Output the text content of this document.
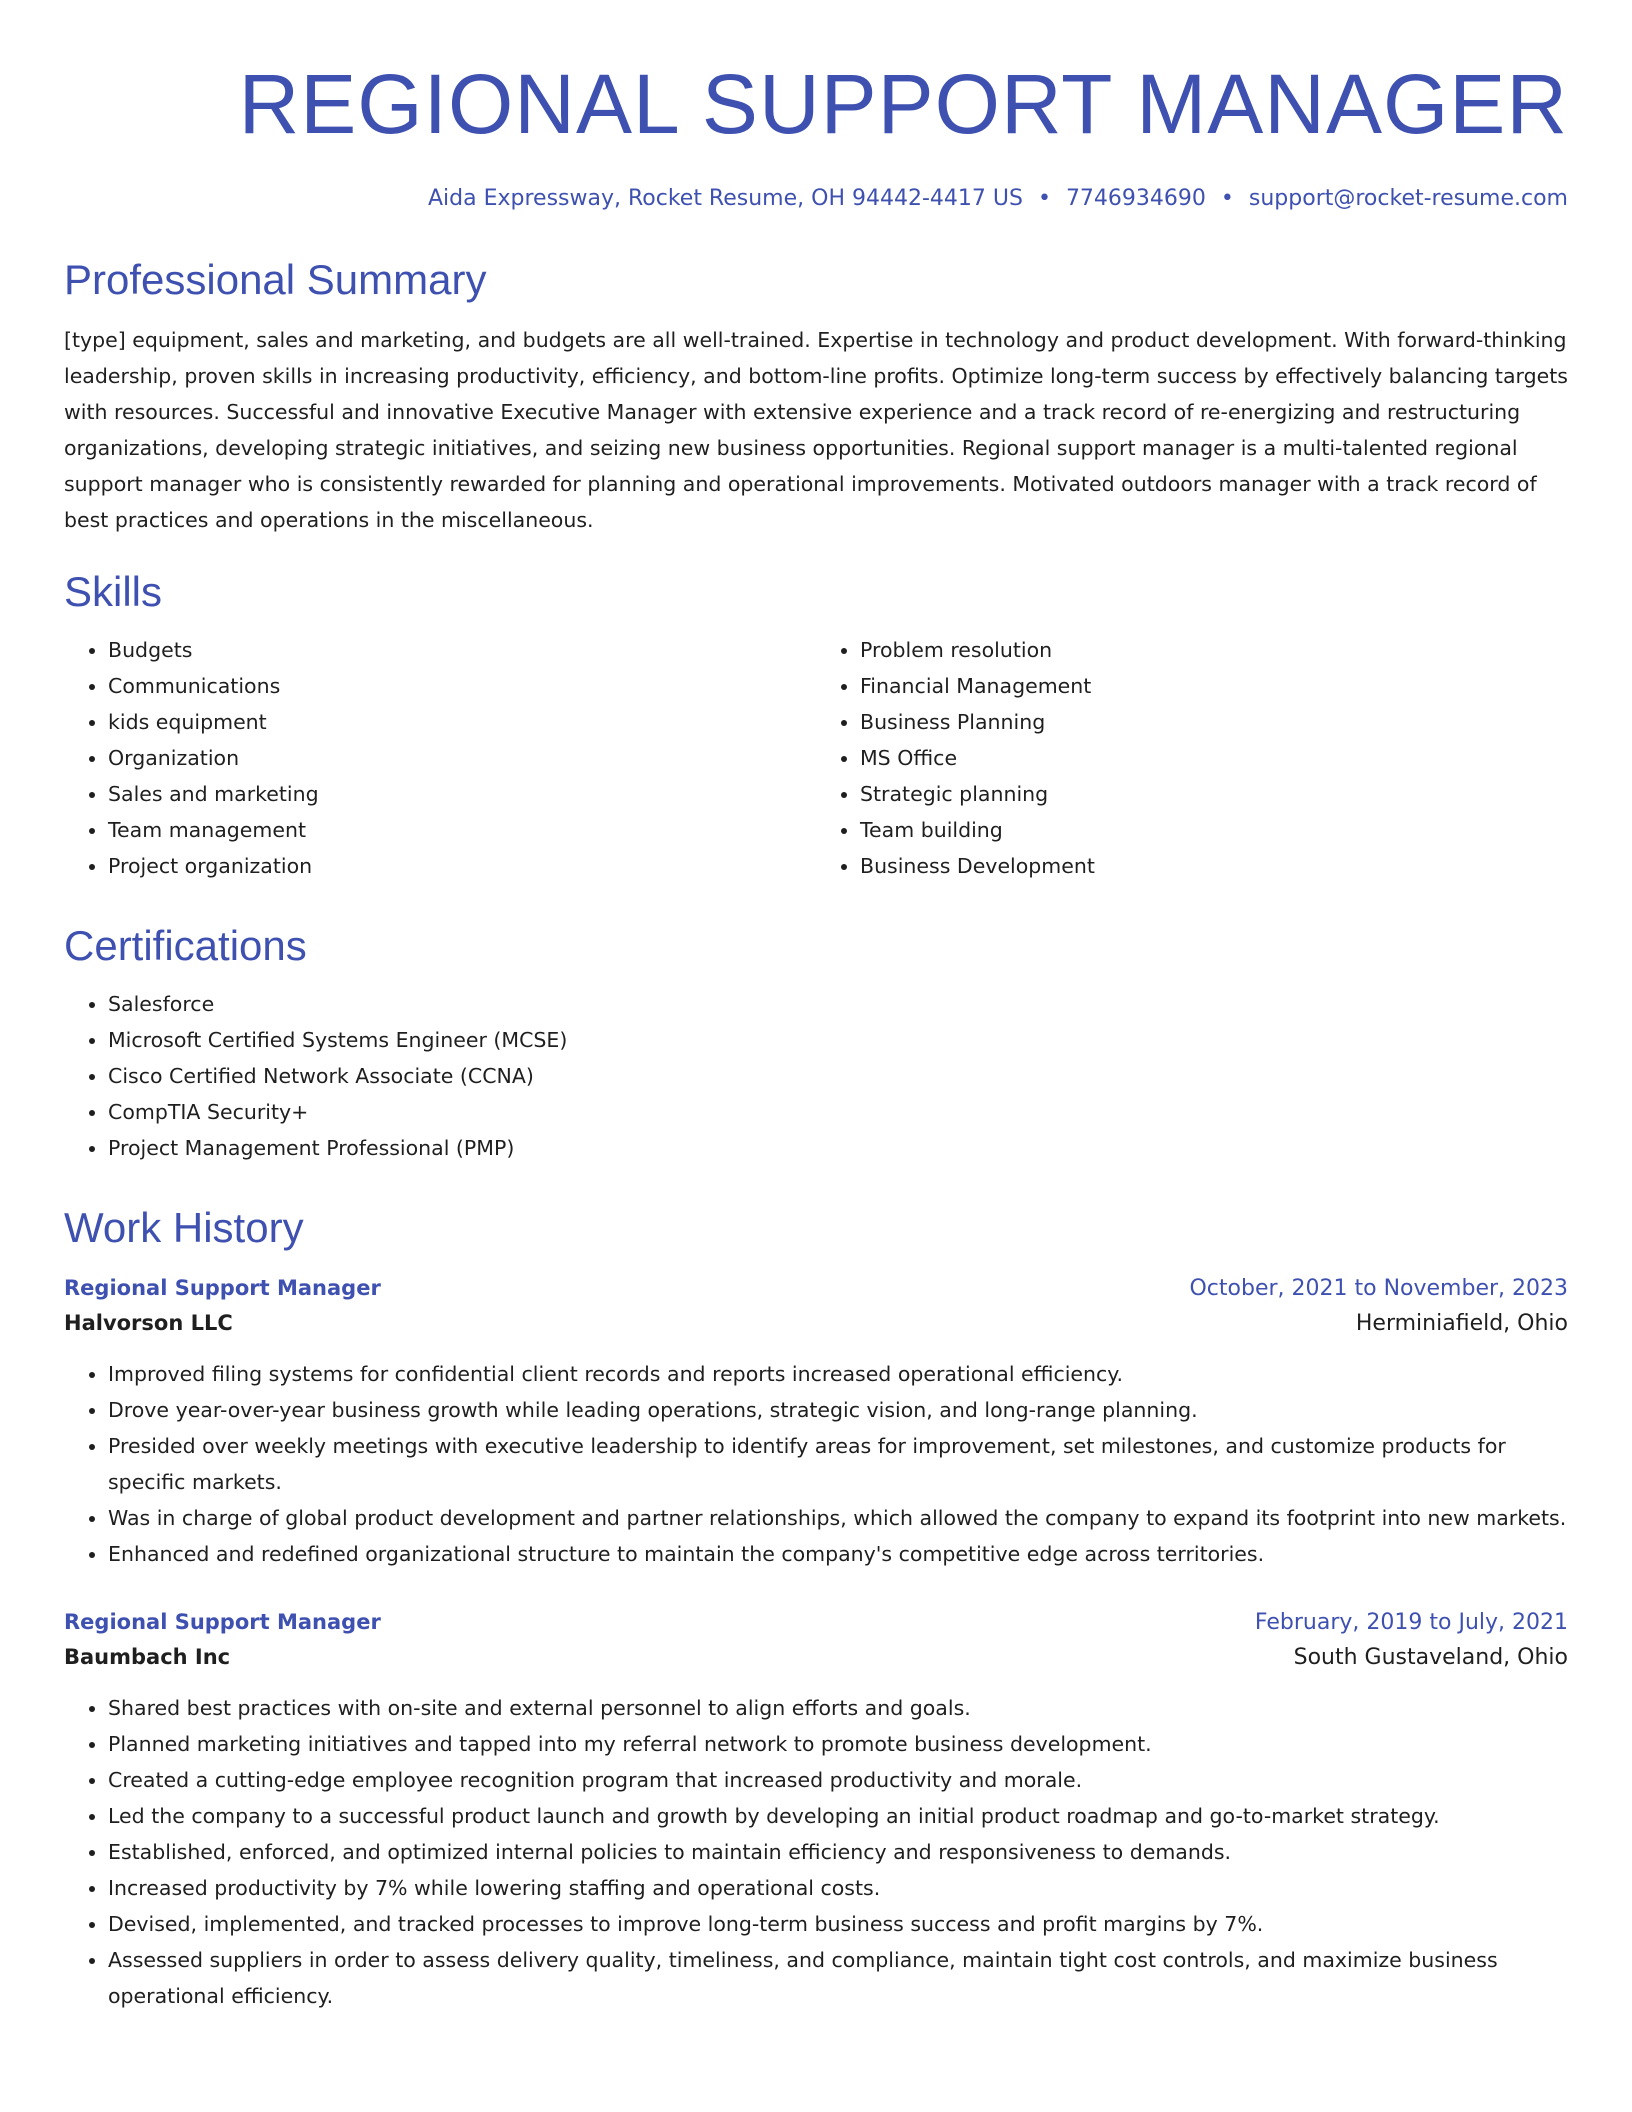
REGIONAL SUPPORT MANAGER
Aida Expressway, Rocket Resume, OH 94442-4417 US • 7746934690 • support@rocket-resume.com
Professional Summary

[type] equipment, sales and marketing, and budgets are all well-trained. Expertise in technology and product development. With forward-thinking leadership, proven skills in increasing productivity, efficiency, and bottom-line profits. Optimize long-term success by effectively balancing targets with resources. Successful and innovative Executive Manager with extensive experience and a track record of re-energizing and restructuring organizations, developing strategic initiatives, and seizing new business opportunities. Regional support manager is a multi-talented regional support manager who is consistently rewarded for planning and operational improvements. Motivated outdoors manager with a track record of best practices and operations in the miscellaneous.

Skills
• Budgets
• Communications
• kids equipment
• Organization
• Sales and marketing
• Team management
• Project organization
• Problem resolution
• Financial Management
• Business Planning
• MS Office
• Strategic planning
• Team building
• Business Development
Certifications
• Salesforce
• Microsoft Certified Systems Engineer (MCSE)
• Cisco Certified Network Associate (CCNA)
• CompTIA Security+
• Project Management Professional (PMP)
Work History
Regional Support Manager	October, 2021 to November, 2023
Halvorson LLC	Herminiafield, Ohio
• Improved filing systems for confidential client records and reports increased operational efficiency.
• Drove year-over-year business growth while leading operations, strategic vision, and long-range planning.
• Presided over weekly meetings with executive leadership to identify areas for improvement, set milestones, and customize products for specific markets.
• Was in charge of global product development and partner relationships, which allowed the company to expand its footprint into new markets.
• Enhanced and redefined organizational structure to maintain the company's competitive edge across territories.
Regional Support Manager	February, 2019 to July, 2021
Baumbach Inc	South Gustaveland, Ohio
• Shared best practices with on-site and external personnel to align efforts and goals.
• Planned marketing initiatives and tapped into my referral network to promote business development.
• Created a cutting-edge employee recognition program that increased productivity and morale.
• Led the company to a successful product launch and growth by developing an initial product roadmap and go-to-market strategy.
• Established, enforced, and optimized internal policies to maintain efficiency and responsiveness to demands.
• Increased productivity by 7% while lowering staffing and operational costs.
• Devised, implemented, and tracked processes to improve long-term business success and profit margins by 7%.
• Assessed suppliers in order to assess delivery quality, timeliness, and compliance, maintain tight cost controls, and maximize business operational efficiency.
